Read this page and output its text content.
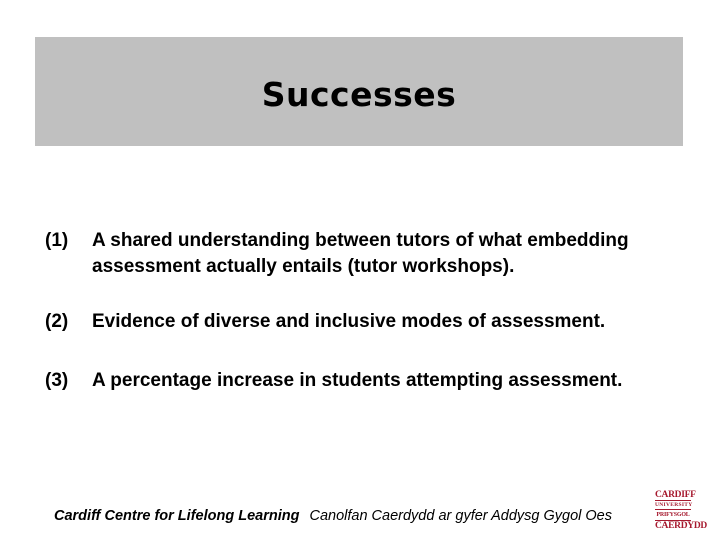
Successes
(1) A shared understanding between tutors of what embedding
assessment actually entails (tutor workshops).
(2) Evidence of diverse and inclusive modes of assessment.
(3) A percentage increase in students attempting assessment.
Cardiff Centre for Lifelong Learning Canolfan Caerdydd ar gyfer Addysg Gygol Oes
CARDIFF
UNIVERSITY
PRIFYSGOL
CAERDYDD
